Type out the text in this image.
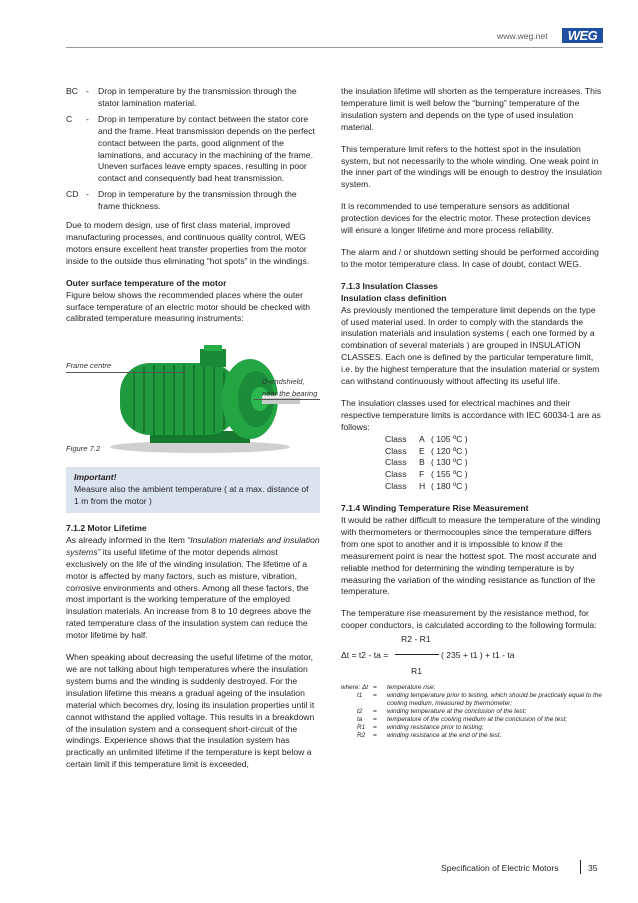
www.weg.net WEG
BC -	Drop in temperature by the transmission through the stator lamination material.
C	-	Drop in temperature by contact between the stator core and the frame. Heat transmission depends on the perfect contact between the parts, good alignment of the laminations, and accuracy in the machining of the frame. Uneven surfaces leave empty spaces, resulting in poor contact and consequently bad heat transmission.
CD -	Drop in temperature by the transmission through the frame thickness.

Due to modern design, use of first class material, improved manufacturing processes, and continuous quality control, WEG motors ensure excellent heat transfer properties from the motor inside to the outside thus eliminating “hot spots” in the windings.

Outer surface temperature of the motor

Figure below shows the recommended places where the outer surface temperature of an electric motor should be checked with calibrated temperature measuring instruments:

Frame centre
D-endshield,
near the bearing
Figure 7.2
Important!
Measure also the ambient temperature ( at a max. distance of 1 m from the motor )
7.1.2 Motor Lifetime

As already informed in the Item “Insulation materials and insulation systems” its useful lifetime of the motor depends almost exclusively on the life of the winding insulation. The lifetime of a motor is affected by many factors, such as misture, vibration, corrosive environments and others. Among all these factors, the most important is the working temperature of the employed insulation materials. An increase from 8 to 10 degrees above the rated temperature class of the insulation system can reduce the motor lifetime by half.

When speaking about decreasing the useful lifetime of the motor, we are not talking about high temperatures where the insulation system burns and the winding is suddenly destroyed. For the insulation lifetime this means a gradual ageing of the insulation material which becomes dry, losing its insulation properties until it cannot withstand the applied voltage. This results in a breakdown of the insulation system and a consequent short-circuit of the windings. Experience shows that the insulation system has practically an unlimited lifetime if the temperature is kept below a certain limit if this temperature limit is exceeded,

the insulation lifetime will shorten as the temperature increases. This temperature limit is well below the “burning” temperature of the insulation system and depends on the type of used insulation material.

This temperature limit refers to the hottest spot in the insulation system, but not necessarily to the whole winding. One weak point in the inner part of the windings will be enough to destroy the insulation system.

It is recommended to use temperature sensors as additional protection devices for the electric motor. These protection devices will ensure a longer lifetime and more process reliability.

The alarm and / or shutdown setting should be performed according to the motor temperature class. In case of doubt, contact WEG.

7.1.3 Insulation Classes
Insulation class definition

As previously mentioned the temperature limit depends on the type of used material used. In order to comply with the standards the insulation materials and insulation systems ( each one formed by a combination of several materials ) are grouped in INSULATION CLASSES. Each one is defined by the particular temperature limit, i.e. by the highest temperature that the insulation material or system can withstand continuously without affecting its useful life.

The insulation classes used for electrical machines and their respective temperature limits is accordance with IEC 60034-1 are as follows:

Class	A ( 105 ºC )
Class	E ( 120 ºC )
Class	B ( 130 ºC )
Class	F ( 155 ºC )
Class	H ( 180 ºC )
7.1.4 Winding Temperature Rise Measurement

It would be rather difficult to measure the temperature of the winding with thermometers or thermocouples since the temperature differs from one spot to another and it is impossible to know if the measurement point is near the hottest spot. The most accurate and reliable method for determining the winding temperature is by measuring the variation of the winding resistance as function of the temperature.

The temperature rise measurement by the resistance method, for cooper conductors, is calculated according to the following formula:

R2 - R1
Δt = t2 - ta =	( 235 + t1 ) + t1 - ta
R1
where: Δt =	temperature rise;
t1	=	winding temperature prior to testing, which should be practically equal to the cooling medium, measured by thermometer;
t2	=	winding temperature at the conclusion of the test;
ta	=	temperature of the cooling medium at the conclusion of the test;
R1	=	winding resistance prior to testing;
R2	=	winding resistance at the end of the test.
Specification of Electric Motors	35
